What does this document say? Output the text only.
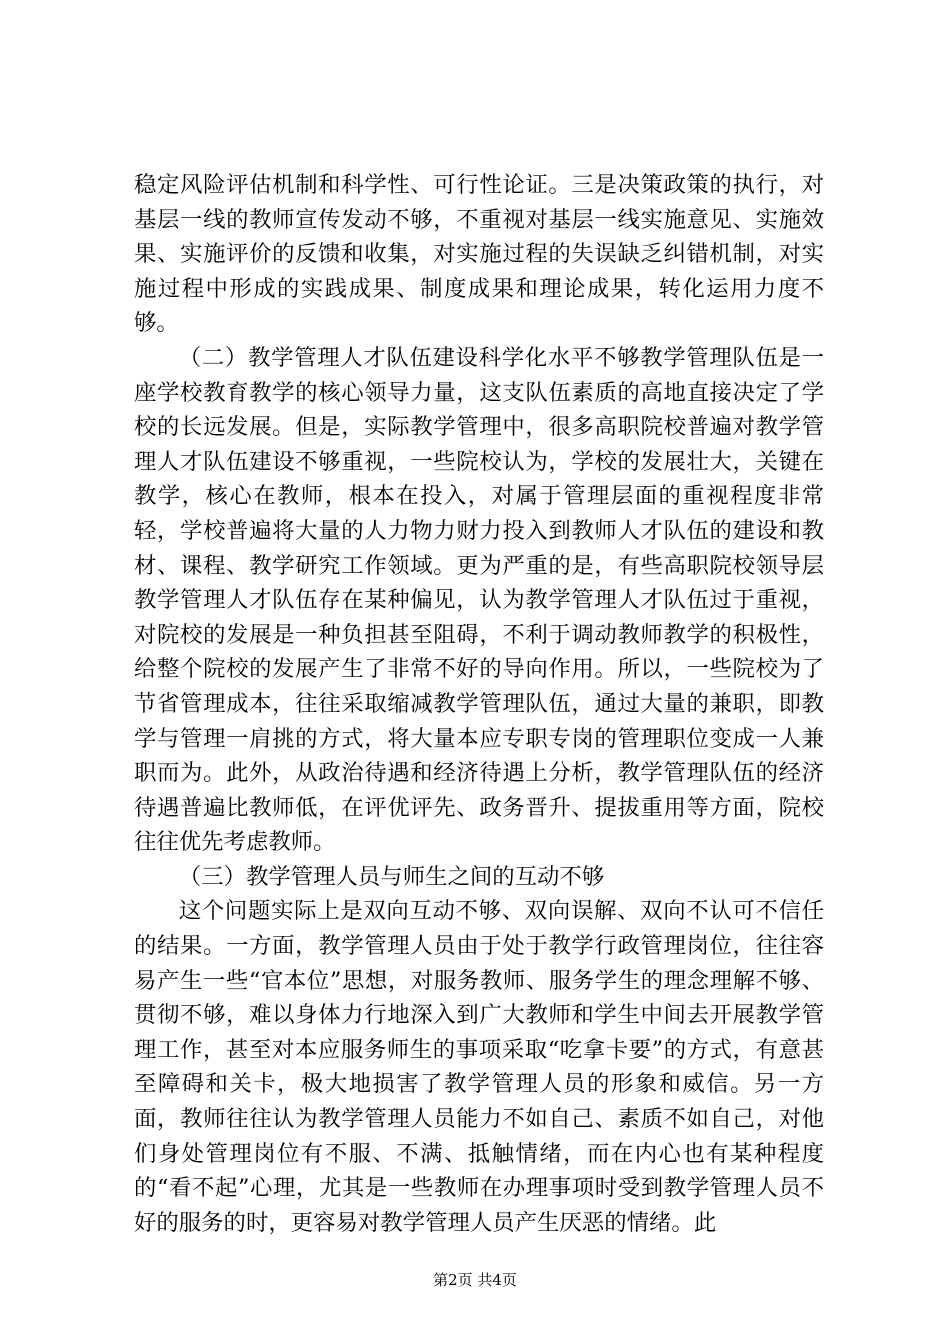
稳定风险评估机制和科学性、可行性论证。三是决策政策的执行，对基层一线的教师宣传发动不够，不重视对基层一线实施意见、实施效果、实施评价的反馈和收集，对实施过程的失误缺乏纠错机制，对实施过程中形成的实践成果、制度成果和理论成果，转化运用力度不够。

（二）教学管理人才队伍建设科学化水平不够教学管理队伍是一座学校教育教学的核心领导力量，这支队伍素质的高地直接决定了学校的长远发展。但是，实际教学管理中，很多高职院校普遍对教学管理人才队伍建设不够重视，一些院校认为，学校的发展壮大，关键在教学，核心在教师，根本在投入，对属于管理层面的重视程度非常轻，学校普遍将大量的人力物力财力投入到教师人才队伍的建设和教材、课程、教学研究工作领域。更为严重的是，有些高职院校领导层教学管理人才队伍存在某种偏见，认为教学管理人才队伍过于重视，对院校的发展是一种负担甚至阻碍，不利于调动教师教学的积极性，给整个院校的发展产生了非常不好的导向作用。所以，一些院校为了节省管理成本，往往采取缩减教学管理队伍，通过大量的兼职，即教学与管理一肩挑的方式，将大量本应专职专岗的管理职位变成一人兼职而为。此外，从政治待遇和经济待遇上分析，教学管理队伍的经济待遇普遍比教师低，在评优评先、政务晋升、提拔重用等方面，院校往往优先考虑教师。

（三）教学管理人员与师生之间的互动不够

这个问题实际上是双向互动不够、双向误解、双向不认可不信任的结果。一方面，教学管理人员由于处于教学行政管理岗位，往往容易产生一些“官本位”思想，对服务教师、服务学生的理念理解不够、贯彻不够，难以身体力行地深入到广大教师和学生中间去开展教学管理工作，甚至对本应服务师生的事项采取“吃拿卡要”的方式，有意甚至障碍和关卡，极大地损害了教学管理人员的形象和威信。另一方面，教师往往认为教学管理人员能力不如自己、素质不如自己，对他们身处管理岗位有不服、不满、抵触情绪，而在内心也有某种程度的“看不起”心理，尤其是一些教师在办理事项时受到教学管理人员不好的服务的时，更容易对教学管理人员产生厌恶的情绪。此

第2页 共4页
